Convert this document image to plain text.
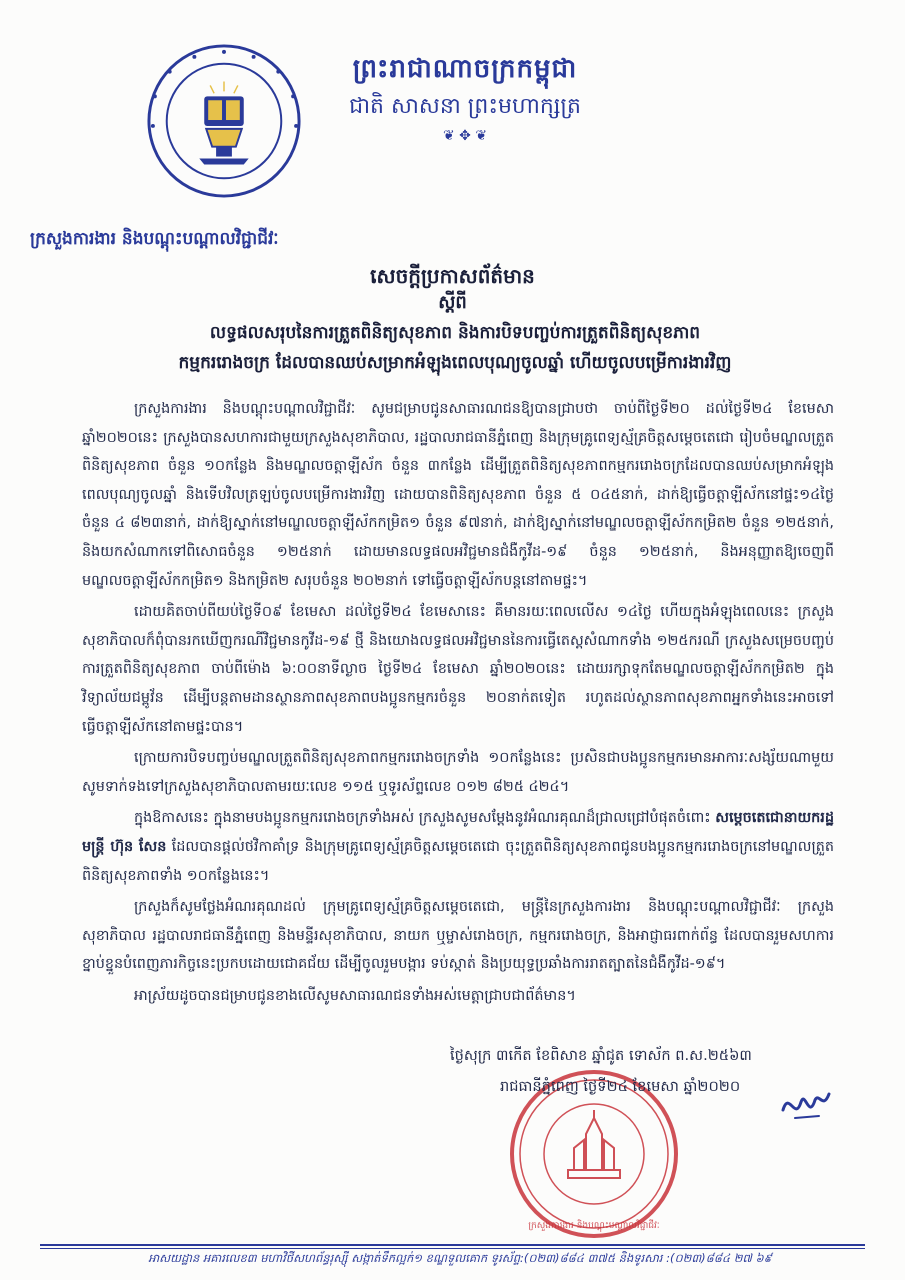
ព្រះរាជាណាចក្រកម្ពុជា
ជាតិ សាសនា ព្រះមហាក្សត្រ
❦ ✥ ❦
ក្រសួងការងារ និងបណ្តុះបណ្តាលវិជ្ជាជីវៈ
សេចក្តីប្រកាសព័ត៌មាន
ស្តីពី
លទ្ធផលសរុបនៃការត្រួតពិនិត្យសុខភាព និងការបិទបញ្ចប់ការត្រួតពិនិត្យសុខភាព
កម្មកររោងចក្រ ដែលបានឈប់សម្រាកអំឡុងពេលបុណ្យចូលឆ្នាំ ហើយចូលបម្រើការងារវិញ

ក្រសួងការងារ និងបណ្តុះបណ្តាលវិជ្ជាជីវៈ សូមជម្រាបជូនសាធារណជនឱ្យបានជ្រាបថា ចាប់ពីថ្ងៃទី២០ ដល់ថ្ងៃទី២៤ ខែមេសា ឆ្នាំ២០២០នេះ ក្រសួងបានសហការជាមួយក្រសួងសុខាភិបាល, រដ្ឋបាលរាជធានីភ្នំពេញ និងក្រុមគ្រូពេទ្យស្ម័គ្រចិត្តសម្តេចតេជោ រៀបចំមណ្ឌលត្រួតពិនិត្យសុខភាព ចំនួន ១០កន្លែង និងមណ្ឌលចត្តាឡីស័ក ចំនួន ៣កន្លែង ដើម្បីត្រួតពិនិត្យសុខភាពកម្មកររោងចក្រដែលបានឈប់សម្រាកអំឡុងពេលបុណ្យចូលឆ្នាំ និងទើបវិលត្រឡប់ចូលបម្រើការងារវិញ ដោយបានពិនិត្យសុខភាព ចំនួន ៥ ០៤៥នាក់, ដាក់ឱ្យធ្វើចត្តាឡីស័កនៅផ្ទះ១៤ថ្ងៃ ចំនួន ៤ ៨២៣នាក់, ដាក់ឱ្យស្នាក់នៅមណ្ឌលចត្តាឡីស័កកម្រិត១ ចំនួន ៩៧នាក់, ដាក់ឱ្យស្នាក់នៅមណ្ឌលចត្តាឡីស័កកម្រិត២ ចំនួន ១២៥នាក់, និងយកសំណាកទៅពិសោធចំនួន ១២៥នាក់ ដោយមានលទ្ធផលអវិជ្ជមានជំងឺកូវីដ-១៩ ចំនួន ១២៥នាក់, និងអនុញ្ញាតឱ្យចេញពីមណ្ឌលចត្តាឡីស័កកម្រិត១ និងកម្រិត២ សរុបចំនួន ២០២នាក់ ទៅធ្វើចត្តាឡីស័កបន្តនៅតាមផ្ទះ។

ដោយគិតចាប់ពីយប់ថ្ងៃទី០៩ ខែមេសា ដល់ថ្ងៃទី២៤ ខែមេសានេះ គឺមានរយៈពេលលើស ១៤ថ្ងៃ ហើយក្នុងអំឡុងពេលនេះ ក្រសួងសុខាភិបាលក៏ពុំបានរកឃើញករណីវិជ្ជមានកូវីដ-១៩ ថ្មី និងយោងលទ្ធផលអវិជ្ជមាននៃការធ្វើតេស្តសំណាកទាំង ១២៥ករណី ក្រសួងសម្រេចបញ្ចប់ការត្រួតពិនិត្យសុខភាព ចាប់ពីម៉ោង ៦:០០នាទីល្ងាច ថ្ងៃទី២៤ ខែមេសា ឆ្នាំ២០២០នេះ ដោយរក្សាទុកតែមណ្ឌលចត្តាឡីស័កកម្រិត២ ក្នុងវិទ្យាល័យជម្ពូវ័ន ដើម្បីបន្តតាមដានស្ថានភាពសុខភាពបងប្អូនកម្មករចំនួន ២០នាក់តទៀត រហូតដល់ស្ថានភាពសុខភាពអ្នកទាំងនេះអាចទៅធ្វើចត្តាឡីស័កនៅតាមផ្ទះបាន។

ក្រោយការបិទបញ្ចប់មណ្ឌលត្រួតពិនិត្យសុខភាពកម្មកររោងចក្រទាំង ១០កន្លែងនេះ ប្រសិនជាបងប្អូនកម្មករមានអាការៈសង្ស័យណាមួយ សូមទាក់ទងទៅក្រសួងសុខាភិបាលតាមរយៈលេខ ១១៥ ឬទូរស័ព្ទលេខ ០១២ ៨២៥ ៤២៤។

ក្នុងឱកាសនេះ ក្នុងនាមបងប្អូនកម្មកររោងចក្រទាំងអស់ ក្រសួងសូមសម្តែងនូវអំណរគុណដ៏ជ្រាលជ្រៅបំផុតចំពោះ សម្តេចតេជោនាយករដ្ឋមន្ត្រី ហ៊ុន សែន ដែលបានផ្តល់ថវិកាគាំទ្រ និងក្រុមគ្រូពេទ្យស្ម័គ្រចិត្តសម្តេចតេជោ ចុះត្រួតពិនិត្យសុខភាពជូនបងប្អូនកម្មកររោងចក្រនៅមណ្ឌលត្រួតពិនិត្យសុខភាពទាំង ១០កន្លែងនេះ។

ក្រសួងក៏សូមថ្លែងអំណរគុណដល់ ក្រុមគ្រូពេទ្យស្ម័គ្រចិត្តសម្តេចតេជោ, មន្ត្រីនៃក្រសួងការងារ និងបណ្តុះបណ្តាលវិជ្ជាជីវៈ ក្រសួងសុខាភិបាល រដ្ឋបាលរាជធានីភ្នំពេញ និងមន្ទីរសុខាភិបាល, នាយក ឬម្ចាស់រោងចក្រ, កម្មកររោងចក្រ, និងអាជ្ញាធរពាក់ព័ន្ធ ដែលបានរួមសហការខ្នាប់ខ្នួនបំពេញភារកិច្ចនេះប្រកបដោយជោគជ័យ ដើម្បីចូលរួមបង្ការ ទប់ស្កាត់ និងប្រយុទ្ធប្រឆាំងការរាតត្បាតនៃជំងឺកូវីដ-១៩។

អាស្រ័យដូចបានជម្រាបជូនខាងលើសូមសាធារណជនទាំងអស់មេត្តាជ្រាបជាព័ត៌មាន។

ក្រសួងការងារ និងបណ្តុះបណ្តាលវិជ្ជាជីវៈ
ថ្ងៃសុក្រ ៣កើត ខែពិសាខ ឆ្នាំជូត ទោស័ក ព.ស.២៥៦៣
រាជធានីភ្នំពេញ ថ្ងៃទី២៤ ខែមេសា ឆ្នាំ២០២០
អាសយដ្ឋាន អគារលេខ៣ មហាវិថីសហព័ន្ធរុស្ស៊ី សង្កាត់ទឹកល្អក់១ ខណ្ឌទួលគោក ទូរស័ព្ទ:(០២៣)៨៨៤ ៣៧៥ និងទូរសារ :(០២៣)៨៨៤ ២៧ ៦៩
